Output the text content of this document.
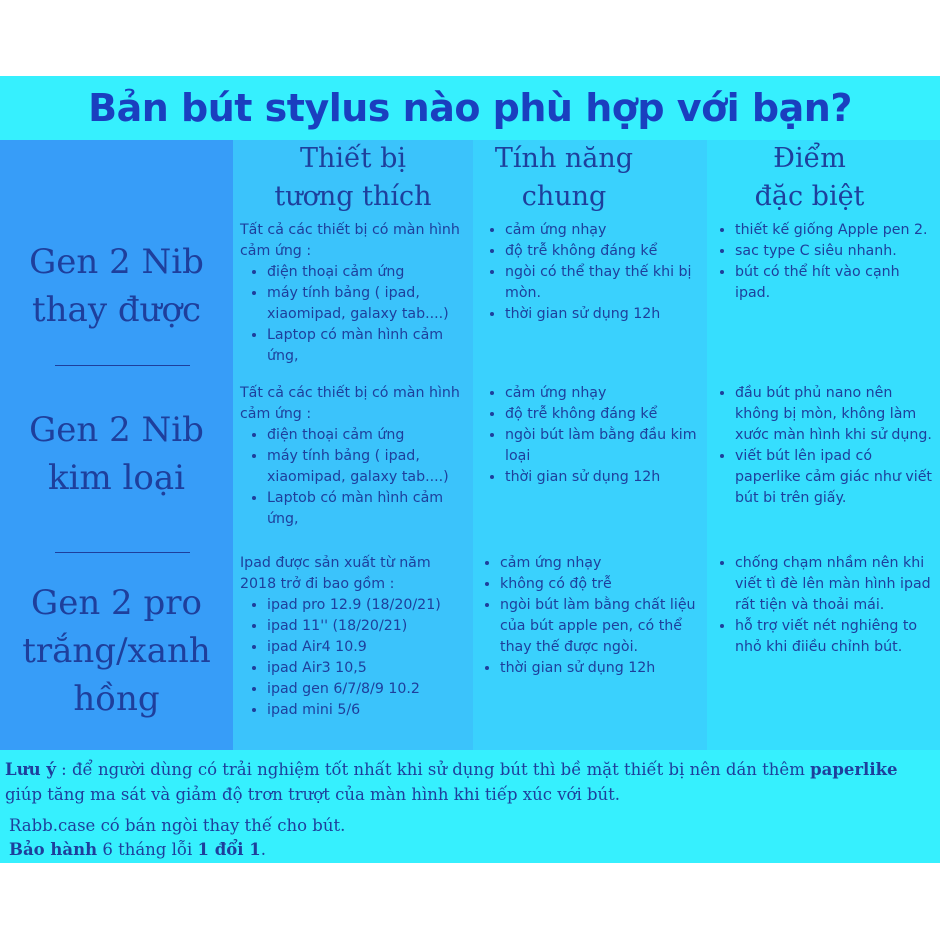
Bản bút stylus nào phù hợp với bạn?
Thiết bị
tương thích
Tính năng
chung
Điểm
đặc biệt
Gen 2 Nib
thay được
Gen 2 Nib
kim loại
Gen 2 pro
trắng/xanh
hồng

Tất cả các thiết bị có màn hình

cảm ứng :

• điện thoại cảm ứng
• máy tính bảng ( ipad, xiaomipad, galaxy tab....)
• Laptop có màn hình cảm ứng,
• cảm ứng nhạy
• độ trễ không đáng kể
• ngòi có thể thay thế khi bị mòn.
• thời gian sử dụng 12h
• thiết kế giống Apple pen 2.
• sac type C siêu nhanh.
• bút có thể hít vào cạnh ipad.

Tất cả các thiết bị có màn hình

cảm ứng :

• điện thoại cảm ứng
• máy tính bảng ( ipad, xiaomipad, galaxy tab....)
• Laptob có màn hình cảm ứng,
• cảm ứng nhạy
• độ trễ không đáng kể
• ngòi bút làm bằng đầu kim loại
• thời gian sử dụng 12h
• đầu bút phủ nano nên không bị mòn, không làm xước màn hình khi sử dụng.
• viết bút lên ipad có paperlike cảm giác như viết bút bi trên giấy.

Ipad được sản xuất từ năm

2018 trở đi bao gồm :

• ipad pro 12.9 (18/20/21)
• ipad 11'' (18/20/21)
• ipad Air4 10.9
• ipad Air3 10,5
• ipad gen 6/7/8/9 10.2
• ipad mini 5/6
• cảm ứng nhạy
• không có độ trễ
• ngòi bút làm bằng chất liệu của bút apple pen, có thể thay thế được ngòi.
• thời gian sử dụng 12h
• chống chạm nhầm nên khi viết tì đè lên màn hình ipad rất tiện và thoải mái.
• hỗ trợ viết nét nghiêng to nhỏ khi điiều chỉnh bút.
Lưu ý : để người dùng có trải nghiệm tốt nhất khi sử dụng bút thì bề mặt thiết bị nên dán thêm paperlike giúp tăng ma sát và giảm độ trơn trượt của màn hình khi tiếp xúc với bút.
Rabb.case có bán ngòi thay thế cho bút.
Bảo hành 6 tháng lỗi 1 đổi 1.
